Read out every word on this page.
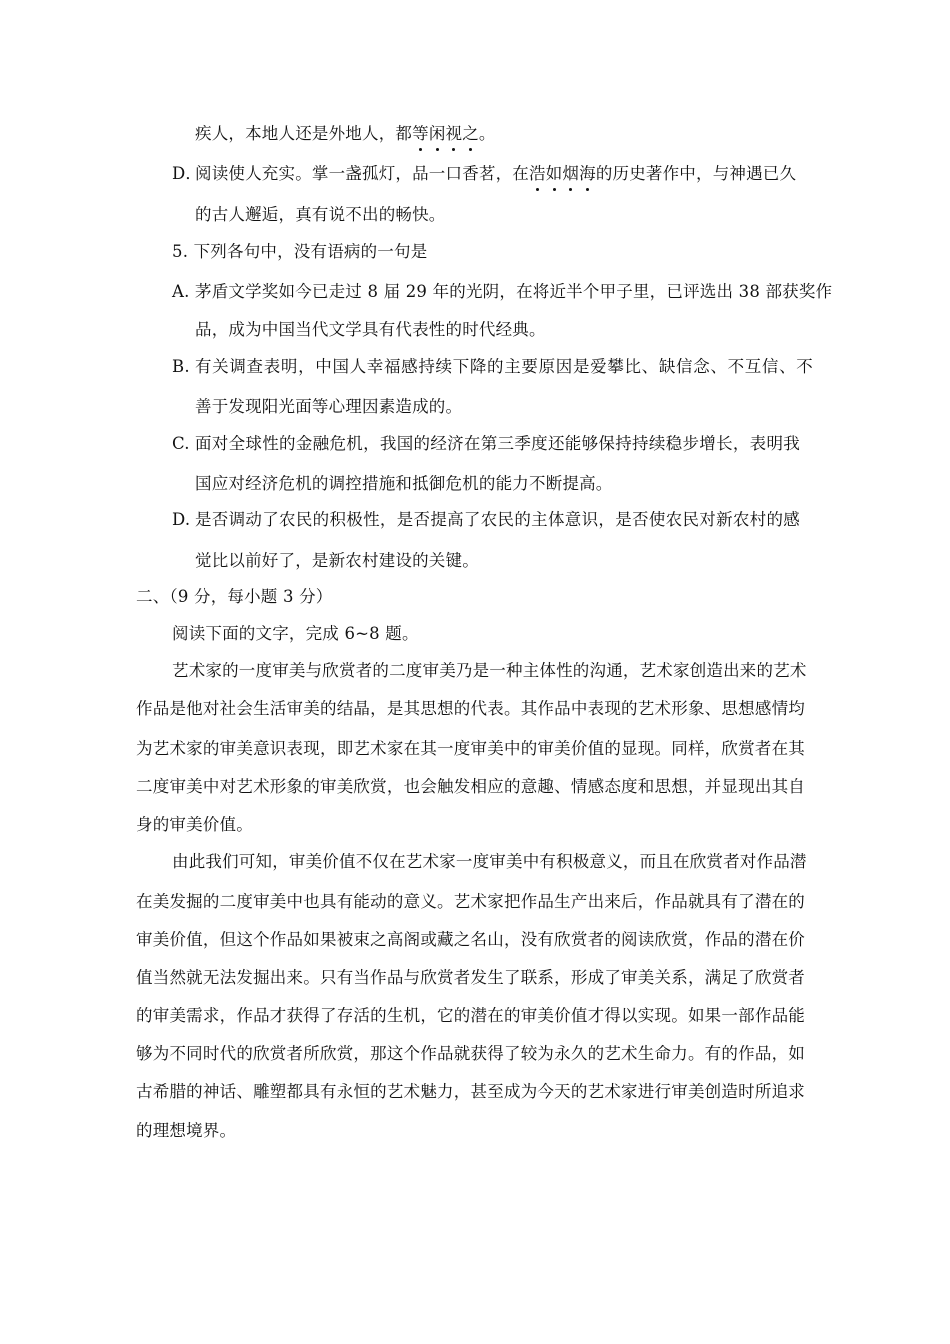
疾人，本地人还是外地人，都等闲视之。
D．
阅读使人充实。掌一盏孤灯，品一口香茗，在浩如烟海的历史著作中，与神遇已久
的古人邂逅，真有说不出的畅快。
5. 下列各句中，没有语病的一句是
A. 茅盾文学奖如今已走过 8 届 29 年的光阴，在将近半个甲子里，已评选出 38 部获奖作
品，成为中国当代文学具有代表性的时代经典。
B. 有关调查表明，中国人幸福感持续下降的主要原因是爱攀比、缺信念、不互信、不
善于发现阳光面等心理因素造成的。
C. 面对全球性的金融危机，我国的经济在第三季度还能够保持持续稳步增长，表明我
国应对经济危机的调控措施和抵御危机的能力不断提高。
D. 是否调动了农民的积极性，是否提高了农民的主体意识，是否使农民对新农村的感
觉比以前好了，是新农村建设的关键。
二、（9 分，每小题 3 分）
阅读下面的文字，完成 6~8 题。
艺术家的一度审美与欣赏者的二度审美乃是一种主体性的沟通，艺术家创造出来的艺术
作品是他对社会生活审美的结晶，是其思想的代表。其作品中表现的艺术形象、思想感情均
为艺术家的审美意识表现，即艺术家在其一度审美中的审美价值的显现。同样，欣赏者在其
二度审美中对艺术形象的审美欣赏，也会触发相应的意趣、情感态度和思想，并显现出其自
身的审美价值。
由此我们可知，审美价值不仅在艺术家一度审美中有积极意义，而且在欣赏者对作品潜
在美发掘的二度审美中也具有能动的意义。艺术家把作品生产出来后，作品就具有了潜在的
审美价值，但这个作品如果被束之高阁或藏之名山，没有欣赏者的阅读欣赏，作品的潜在价
值当然就无法发掘出来。只有当作品与欣赏者发生了联系，形成了审美关系，满足了欣赏者
的审美需求，作品才获得了存活的生机，它的潜在的审美价值才得以实现。如果一部作品能
够为不同时代的欣赏者所欣赏，那这个作品就获得了较为永久的艺术生命力。有的作品，如
古希腊的神话、雕塑都具有永恒的艺术魅力，甚至成为今天的艺术家进行审美创造时所追求
的理想境界。
